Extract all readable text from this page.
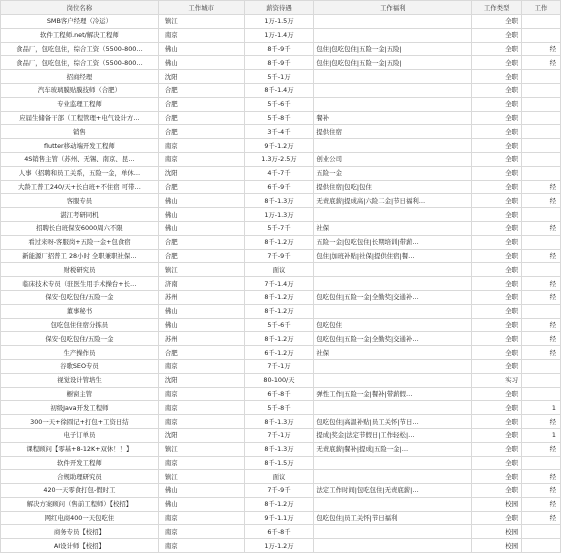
岗位名称	工作城市	薪资待遇	工作福利	工作类型	工作
SMB客户经理（冷运）	镇江	1万-1.5万		全职	
软件工程师.net/解决工程师	南京	1万-1.4万		全职	
食品厂，包吃包住，综合工资（5500-800…	佛山	8千-9千	包住|包吃包住|五险一金|五险|	全职	经
食品厂，包吃包住，综合工资（5500-800…	佛山	8千-9千	包住|包吃包住|五险一金|五险|	全职	经
招商经理	沈阳	5千-1万		全职	
汽车玻璃膜贴膜技师（合肥）	合肥	8千-1.4万		全职	
专业监理工程师	合肥	5千-6千		全职	
应届生储备干部（工程管理+电气设计方…	合肥	5千-8千	餐补	全职	
销售	合肥	3千-4千	提供住宿	全职	
flutter移动端开发工程师	南京	9千-1.2万		全职	
4S销售主管（苏州、无锡、南京、昆…	南京	1.3万-2.5万	创业公司	全职	
人事（招聘和员工关系，五险一金，单休…	沈阳	4千-7千	五险一金	全职	
大龄工普工240/天+长白班+不住宿 可带…	合肥	6千-9千	提供住宿|包吃|包住	全职	经
客服专员	佛山	8千-1.3万	无责底薪|提成高|六险二金|节日福利…	全职	经
湛江考研同机	佛山	1万-1.3万		全职	
招聘长白班保安6000周六不限	佛山	5千-7千	社保	全职	经
看过来呀-客服岗+五险一金+包食宿	合肥	8千-1.2万	五险一金|包吃包住|长期培训|带薪…	全职	
新能源厂招普工 28小时 全职兼职社保…	合肥	7千-9千	包住|加班补贴|社保|提供住宿|餐…	全职	经
财税研究员	镇江	面议		全职	
临床技术专员（驻医生用手术操台+长…	济南	7千-1.4万		全职	经
保安·包吃包住/五险一金	苏州	8千-1.2万	包吃包住|五险一金|全勤奖|交通补…	全职	经
董事秘书	佛山	8千-1.2万		全职	
包吃包住住宿分拣员	佛山	5千-6千	包吃包住	全职	经
保安·包吃包住/五险一金	苏州	8千-1.2万	包吃包住|五险一金|全勤奖|交通补…	全职	经
生产操作员	合肥	6千-1.2万	社保	全职	经
谷歌SEO专员	南京	7千-1万		全职	
视觉设计管培生	沈阳	80-100/天		实习	
橱窗主管	南京	6千-8千	弹性工作|五险一金|餐补|带薪假…	全职	
初级Java开发工程师	南京	5千-8千		全职	1
300一天+徐圆记+打包+工资日结	南京	8千-1.3万	包吃包住|高温补贴|员工关怀|节日…	全职	经
电子订单员	沈阳	7千-1万	提成|奖金|法定节假日|工作轻松|…	全职	1
课程顾问【零基+8-12K+双休！！】	镇江	8千-1.3万	无责底薪|餐补|提成|五险一金|…	全职	经
软件开发工程师	南京	8千-1.5万		全职	
合规助理研究员	镇江	面议		全职	经
420一天零食打包-假时工	佛山	7千-9千	法定工作时间|包吃包住|无责底薪|…	全职	经
解决方案顾问（售前工程师）【校招】	佛山	8千-1.2万		校园	经
网红电商400一天包吃住	南京	9千-1.1万	包吃包住|员工关怀|节日福利	全职	经
商务专员【校招】	南京	6千-8千		校园	
AI设计师【校招】	南京	1万-1.2万		校园	
